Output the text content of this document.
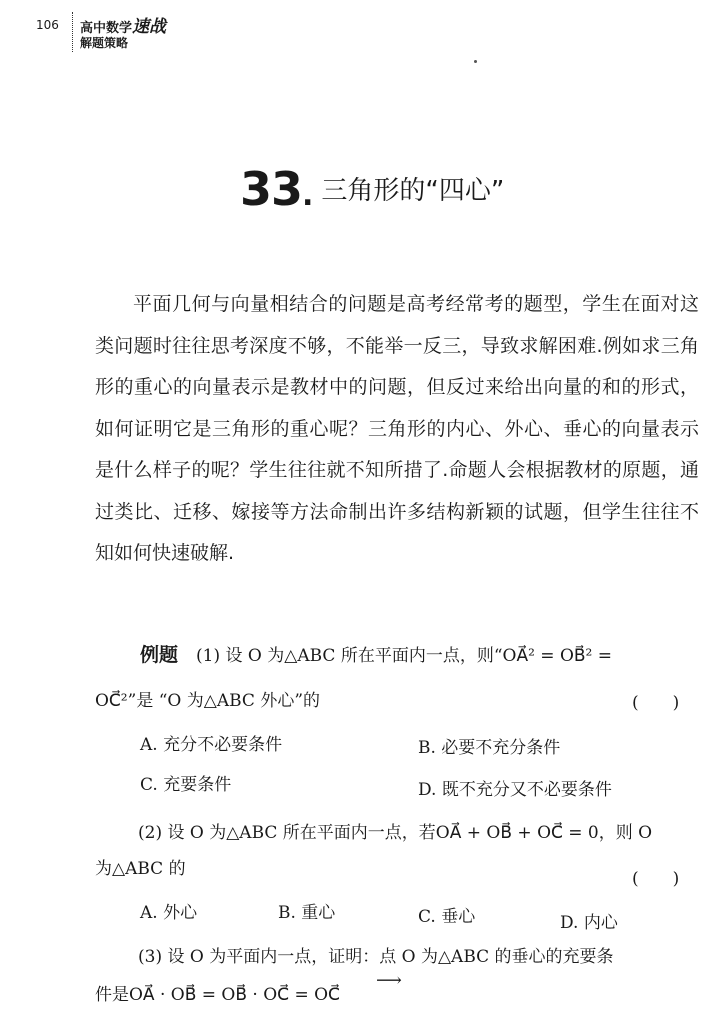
106 高中数学速战
解题策略
33. 三角形的“四心”

平面几何与向量相结合的问题是高考经常考的题型，学生在面对这类问题时往往思考深度不够，不能举一反三，导致求解困难.例如求三角形的重心的向量表示是教材中的问题，但反过来给出向量的和的形式，如何证明它是三角形的重心呢？三角形的内心、外心、垂心的向量表示是什么样子的呢？学生往往就不知所措了.命题人会根据教材的原题，通过类比、迁移、嫁接等方法命制出许多结构新颖的试题，但学生往往不知如何快速破解.

例题 (1) 设 O 为△ABC 所在平面内一点，则“OA⃗² = OB⃗² =
OC⃗²”是 “O 为△ABC 外心”的	(　　)
A. 充分不必要条件	B. 必要不充分条件
C. 充要条件	D. 既不充分又不必要条件
(2) 设 O 为△ABC 所在平面内一点，若OA⃗ + OB⃗ + OC⃗ = 0，则 O
为△ABC 的	(　　)
A. 外心	B. 重心	C. 垂心	D. 内心
(3) 设 O 为平面内一点，证明：点 O 为△ABC 的垂心的充要条
件是OA⃗ · OB⃗ = OB⃗ · OC⃗ = OC⃗
⟶
